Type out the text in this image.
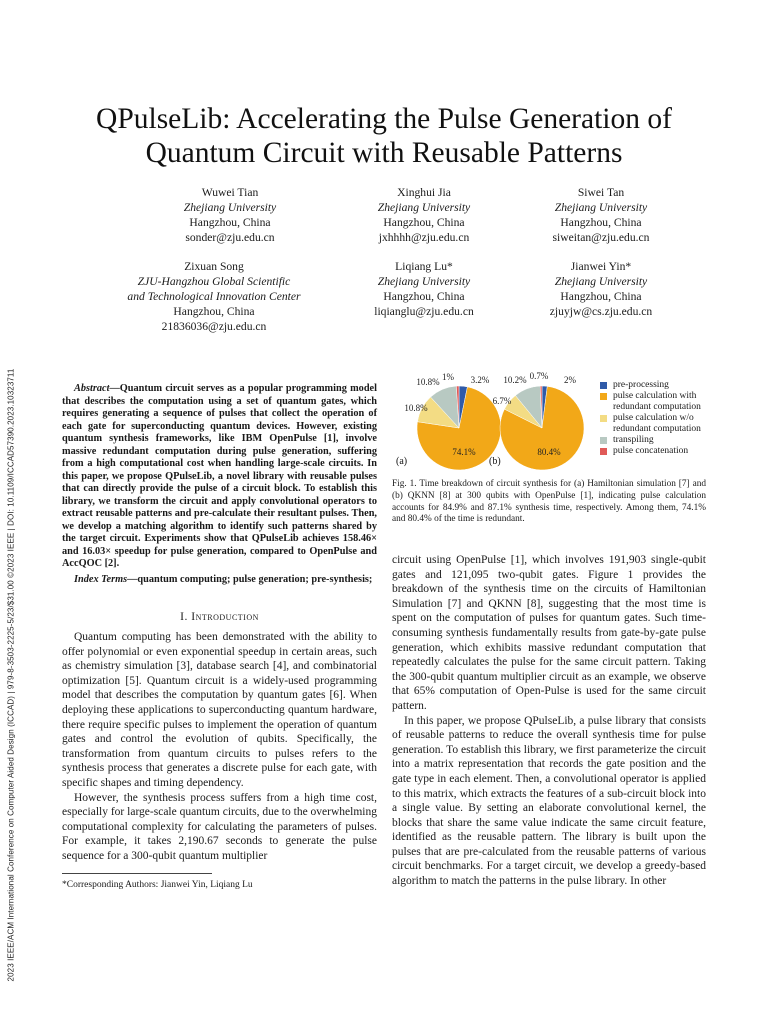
2023 IEEE/ACM International Conference on Computer Aided Design (ICCAD) | 979-8-3503-2225-5/23/$31.00 ©2023 IEEE | DOI: 10.1109/ICCAD57390.2023.10323711
QPulseLib: Accelerating the Pulse Generation of
Quantum Circuit with Reusable Patterns
Wuwei Tian
Zhejiang University
Hangzhou, China
sonder@zju.edu.cn
Xinghui Jia
Zhejiang University
Hangzhou, China
jxhhhh@zju.edu.cn
Siwei Tan
Zhejiang University
Hangzhou, China
siweitan@zju.edu.cn
Zixuan Song
ZJU-Hangzhou Global Scientific
and Technological Innovation Center
Hangzhou, China
21836036@zju.edu.cn
Liqiang Lu*
Zhejiang University
Hangzhou, China
liqianglu@zju.edu.cn
Jianwei Yin*
Zhejiang University
Hangzhou, China
zjuyjw@cs.zju.edu.cn

Abstract—Quantum circuit serves as a popular programming model that describes the computation using a set of quantum gates, which requires generating a sequence of pulses that collect the operation of each gate for superconducting quantum devices. However, existing quantum synthesis frameworks, like IBM OpenPulse [1], involve massive redundant computation during pulse generation, suffering from a high computational cost when handling large-scale circuits. In this paper, we propose QPulseLib, a novel library with reusable pulses that can directly provide the pulse of a circuit block. To establish this library, we transform the circuit and apply convolutional operators to extract reusable patterns and pre-calculate their resultant pulses. Then, we develop a matching algorithm to identify such patterns shared by the target circuit. Experiments show that QPulseLib achieves 158.46× and 16.03× speedup for pulse generation, compared to OpenPulse and AccQOC [2].

Index Terms—quantum computing; pulse generation; pre-synthesis;

I. Introduction

Quantum computing has been demonstrated with the ability to offer polynomial or even exponential speedup in certain areas, such as chemistry simulation [3], database search [4], and combinatorial optimization [5]. Quantum circuit is a widely-used programming model that describes the computation by quantum gates [6]. When deploying these applications to superconducting quantum hardware, there require specific pulses to implement the operation of quantum gates and control the evolution of qubits. Specifically, the transformation from quantum circuits to pulses refers to the synthesis process that generates a discrete pulse for each gate, with specific shapes and timing dependency.

However, the synthesis process suffers from a high time cost, especially for large-scale quantum circuits, due to the overwhelming computational complexity for calculating the parameters of pulses. For example, it takes 2,190.67 seconds to generate the pulse sequence for a 300-qubit quantum multiplier

*Corresponding Authors: Jianwei Yin, Liqiang Lu
3.2%
74.1%
10.8%
10.8% 1%
(a)
2%
80.4%
6.7%
10.2% 0.7%
(b)
pre-processing
pulse calculation with
redundant computation
pulse calculation w/o
redundant computation
transpiling
pulse concatenation
Fig. 1. Time breakdown of circuit synthesis for (a) Hamiltonian simulation [7] and (b) QKNN [8] at 300 qubits with OpenPulse [1], indicating pulse calculation accounts for 84.9% and 87.1% synthesis time, respectively. Among them, 74.1% and 80.4% of the time is redundant.

circuit using OpenPulse [1], which involves 191,903 single-qubit gates and 121,095 two-qubit gates. Figure 1 provides the breakdown of the synthesis time on the circuits of Hamiltonian Simulation [7] and QKNN [8], suggesting that the most time is spent on the computation of pulses for quantum gates. Such time-consuming synthesis fundamentally results from gate-by-gate pulse generation, which exhibits massive redundant computation that repeatedly calculates the pulse for the same circuit pattern. Taking the 300-qubit quantum multiplier circuit as an example, we observe that 65% computation of Open-Pulse is used for the same circuit pattern.

In this paper, we propose QPulseLib, a pulse library that consists of reusable patterns to reduce the overall synthesis time for pulse generation. To establish this library, we first parameterize the circuit into a matrix representation that records the gate position and the gate type in each element. Then, a convolutional operator is applied to this matrix, which extracts the features of a sub-circuit block into a single value. By setting an elaborate convolutional kernel, the blocks that share the same value indicate the same circuit feature, identified as the reusable pattern. The library is built upon the pulses that are pre-calculated from the reusable patterns of various circuit benchmarks. For a target circuit, we develop a greedy-based algorithm to match the patterns in the pulse library. In other
